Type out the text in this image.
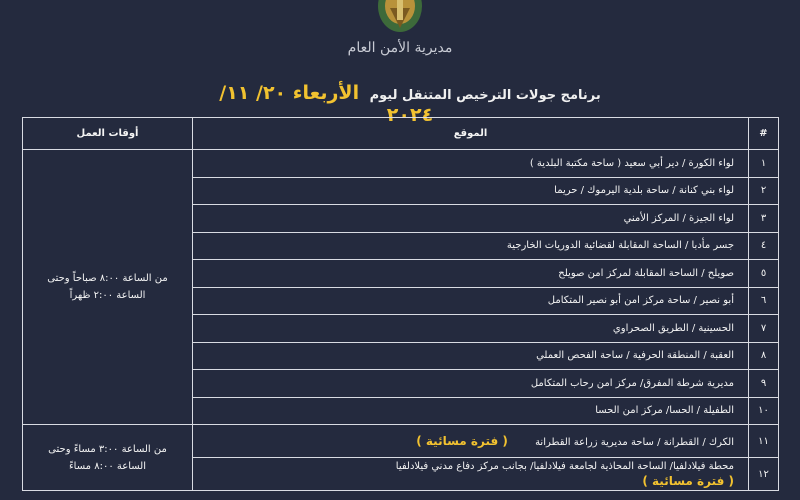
مديرية الأمن العام
برنامج جولات الترخيص المتنقل ليوم الأربعاء ٢٠/ ١١/ ٢٠٢٤
#	الموقع	أوقات العمل
١	لواء الكورة / دير أبي سعيد ( ساحة مكتبة البلدية )	من الساعة ٨:٠٠ صباحاً وحتى
الساعة ٢:٠٠ ظهراً

٢	لواء بني كنانة / ساحة بلدية اليرموك / حريما	
٣	لواء الجيزة / المركز الأمني	
٤	جسر مأدبا / الساحة المقابلة لقضائية الدوريات الخارجية	
٥	صويلح / الساحة المقابلة لمركز امن صويلح	
٦	أبو نصير / ساحة مركز امن أبو نصير المتكامل	
٧	الحسينية / الطريق الصحراوي	
٨	العقبة / المنطقة الحرفية / ساحة الفحص العملي	
٩	مديرية شرطة المفرق/ مركز امن رحاب المتكامل	
١٠	الطفيلة / الحسا/ مركز امن الحسا	
١١	الكرك / القطرانة / ساحة مديرية زراعة القطرانة ( فترة مسائية )	من الساعة ٣:٠٠ مساءً وحتى
الساعة ٨:٠٠ مساءً

١٢	محطة فيلادلفيا/ الساحة المحاذية لجامعة فيلادلفيا/ بجانب مركز دفاع مدني فيلادلفيا
( فترة مسائية )	
